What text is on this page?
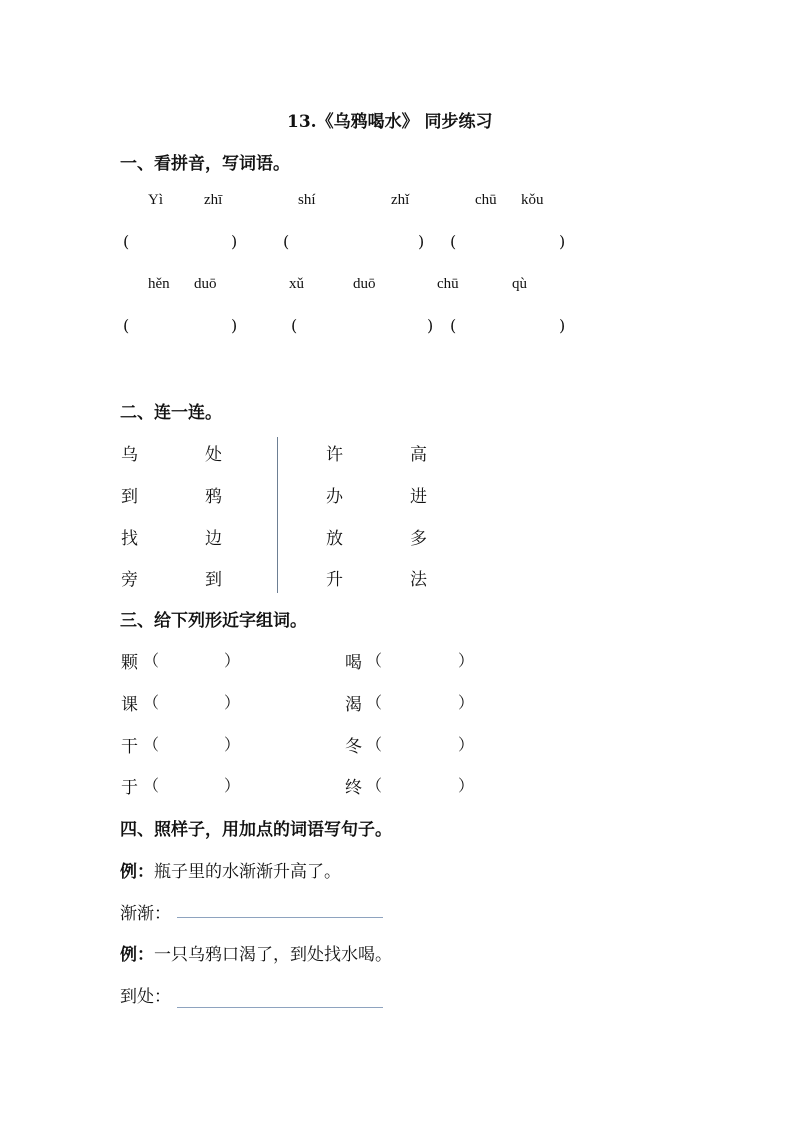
13.《乌鸦喝水》 同步练习
一、看拼音，写词语。
Yì	zhī	shí	zhǐ	chū kǒu
(	)	(	) (	)
hěn duō	xǔ	duō	chū	qù
(	)	(	) (	)
二、连一连。
乌	处	许	高
到	鸦	办	进
找	边	放	多
旁	到	升	法
三、给下列形近字组词。
颗 （	）	喝 （	）
课 （	）	渴 （	）
干 （	）	冬 （	）
于 （	）	终 （	）
四、照样子，用加点的词语写句子。
例：瓶子里的水渐渐升高了。
渐渐：
例：一只乌鸦口渴了，到处找水喝。
到处：
